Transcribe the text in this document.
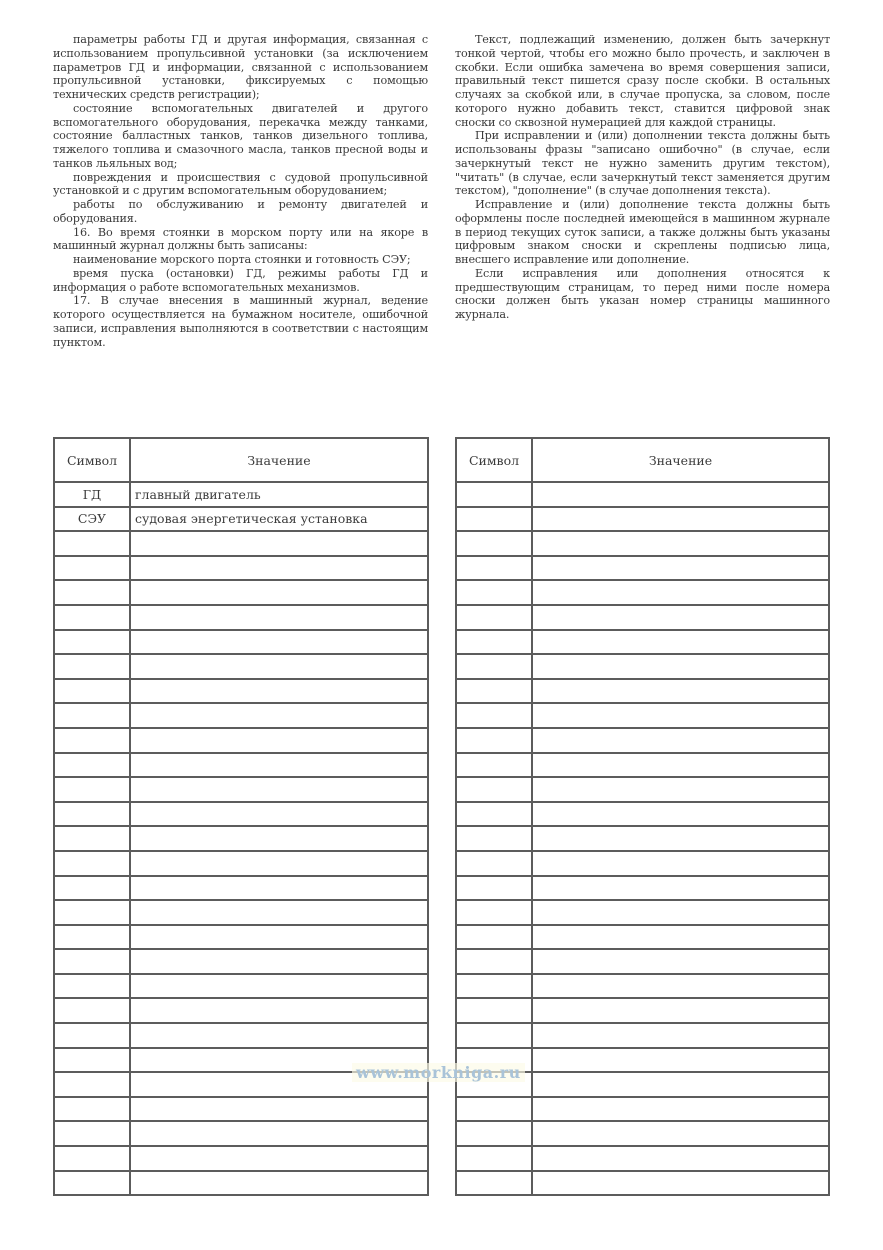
параметры работы ГД и другая информация, связанная с использованием пропульсивной установки (за исключением параметров ГД и информации, связанной с использованием пропульсивной установки, фиксируемых с помощью технических средств регистрации);

состояние вспомогательных двигателей и другого вспомогательного оборудования, перекачка между танками, состояние балластных танков, танков дизельного топлива, тяжелого топлива и смазочного масла, танков пресной воды и танков льяльных вод;

повреждения и происшествия с судовой пропульсивной установкой и с другим вспомогательным оборудованием;

работы по обслуживанию и ремонту двигателей и оборудования.

16. Во время стоянки в морском порту или на якоре в машинный журнал должны быть записаны:

наименование морского порта стоянки и готовность СЭУ;

время пуска (остановки) ГД, режимы работы ГД и информация о работе вспомогательных механизмов.

17. В случае внесения в машинный журнал, ведение которого осуществляется на бумажном носителе, ошибочной записи, исправления выполняются в соответствии с настоящим пунктом.

Текст, подлежащий изменению, должен быть зачеркнут тонкой чертой, чтобы его можно было прочесть, и заключен в скобки. Если ошибка замечена во время совершения записи, правильный текст пишется сразу после скобки. В остальных случаях за скобкой или, в случае пропуска, за словом, после которого нужно добавить текст, ставится цифровой знак сноски со сквозной нумерацией для каждой страницы.

При исправлении и (или) дополнении текста должны быть использованы фразы "записано ошибочно" (в случае, если зачеркнутый текст не нужно заменить другим текстом), "читать" (в случае, если зачеркнутый текст заменяется другим текстом), "дополнение" (в случае дополнения текста).

Исправление и (или) дополнение текста должны быть оформлены после последней имеющейся в машинном журнале в период текущих суток записи, а также должны быть указаны цифровым знаком сноски и скреплены подписью лица, внесшего исправление или дополнение.

Если исправления или дополнения относятся к предшествующим страницам, то перед ними после номера сноски должен быть указан номер страницы машинного журнала.

Символ	Значение
ГД	главный двигатель
СЭУ	судовая энергетическая установка

Символ	Значение

www.morkniga.ru
